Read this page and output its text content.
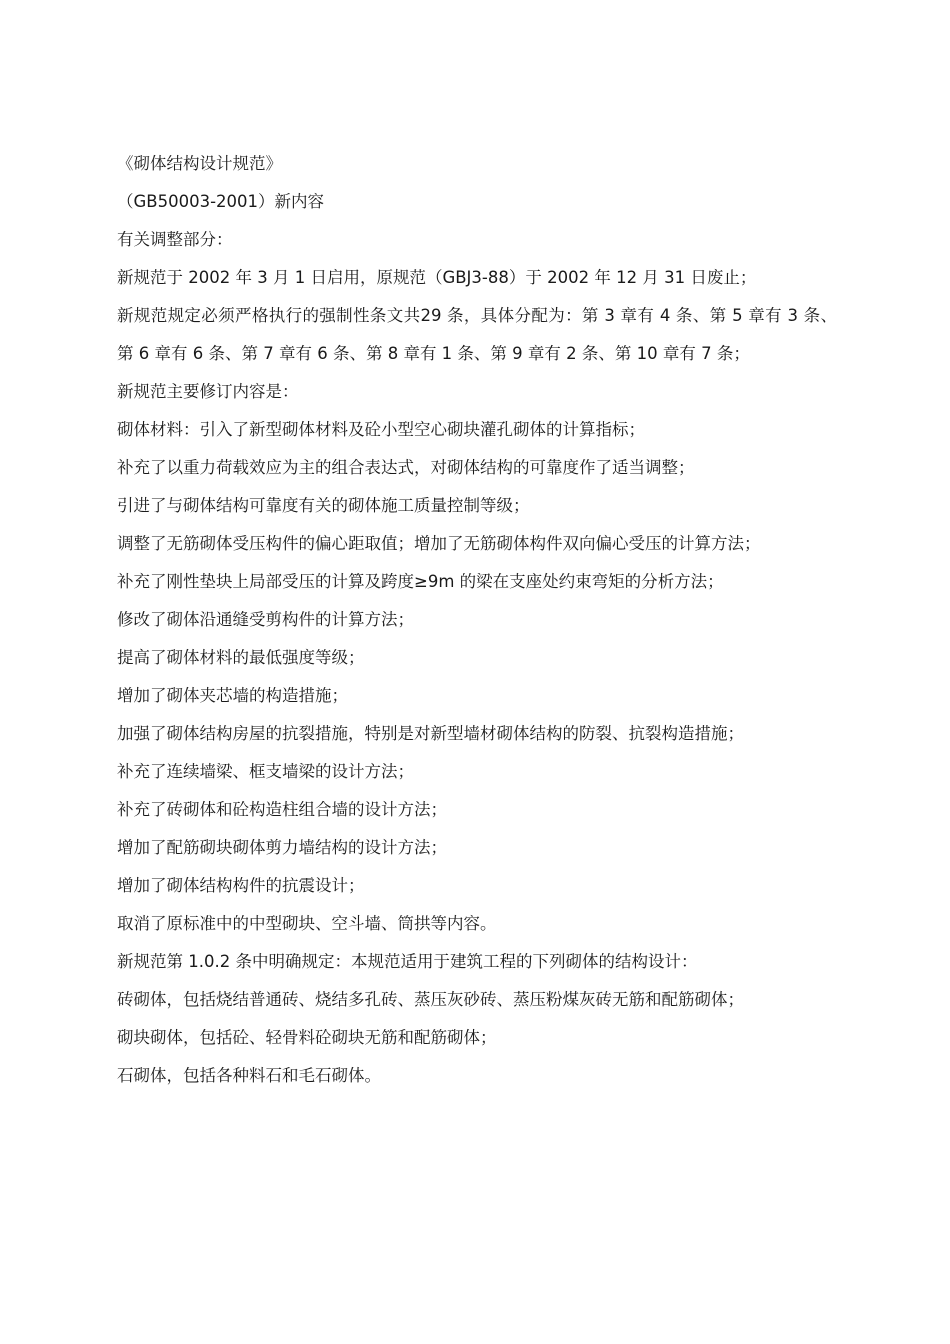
《砌体结构设计规范》

（GB50003-2001）新内容

有关调整部分：

新规范于 2002 年 3 月 1 日启用，原规范（GBJ3-88）于 2002 年 12 月 31 日废止；

新规范规定必须严格执行的强制性条文共29 条，具体分配为：第 3 章有 4 条、第 5 章有 3 条、第 6 章有 6 条、第 7 章有 6 条、第 8 章有 1 条、第 9 章有 2 条、第 10 章有 7 条；

新规范主要修订内容是：

砌体材料：引入了新型砌体材料及砼小型空心砌块灌孔砌体的计算指标；

补充了以重力荷载效应为主的组合表达式，对砌体结构的可靠度作了适当调整；

引进了与砌体结构可靠度有关的砌体施工质量控制等级；

调整了无筋砌体受压构件的偏心距取值；增加了无筋砌体构件双向偏心受压的计算方法；

补充了刚性垫块上局部受压的计算及跨度≥9m 的梁在支座处约束弯矩的分析方法；

修改了砌体沿通缝受剪构件的计算方法；

提高了砌体材料的最低强度等级；

增加了砌体夹芯墙的构造措施；

加强了砌体结构房屋的抗裂措施，特别是对新型墙材砌体结构的防裂、抗裂构造措施；

补充了连续墙梁、框支墙梁的设计方法；

补充了砖砌体和砼构造柱组合墙的设计方法；

增加了配筋砌块砌体剪力墙结构的设计方法；

增加了砌体结构构件的抗震设计；

取消了原标准中的中型砌块、空斗墙、筒拱等内容。

新规范第 1.0.2 条中明确规定：本规范适用于建筑工程的下列砌体的结构设计：

砖砌体，包括烧结普通砖、烧结多孔砖、蒸压灰砂砖、蒸压粉煤灰砖无筋和配筋砌体；

砌块砌体，包括砼、轻骨料砼砌块无筋和配筋砌体；

石砌体，包括各种料石和毛石砌体。
